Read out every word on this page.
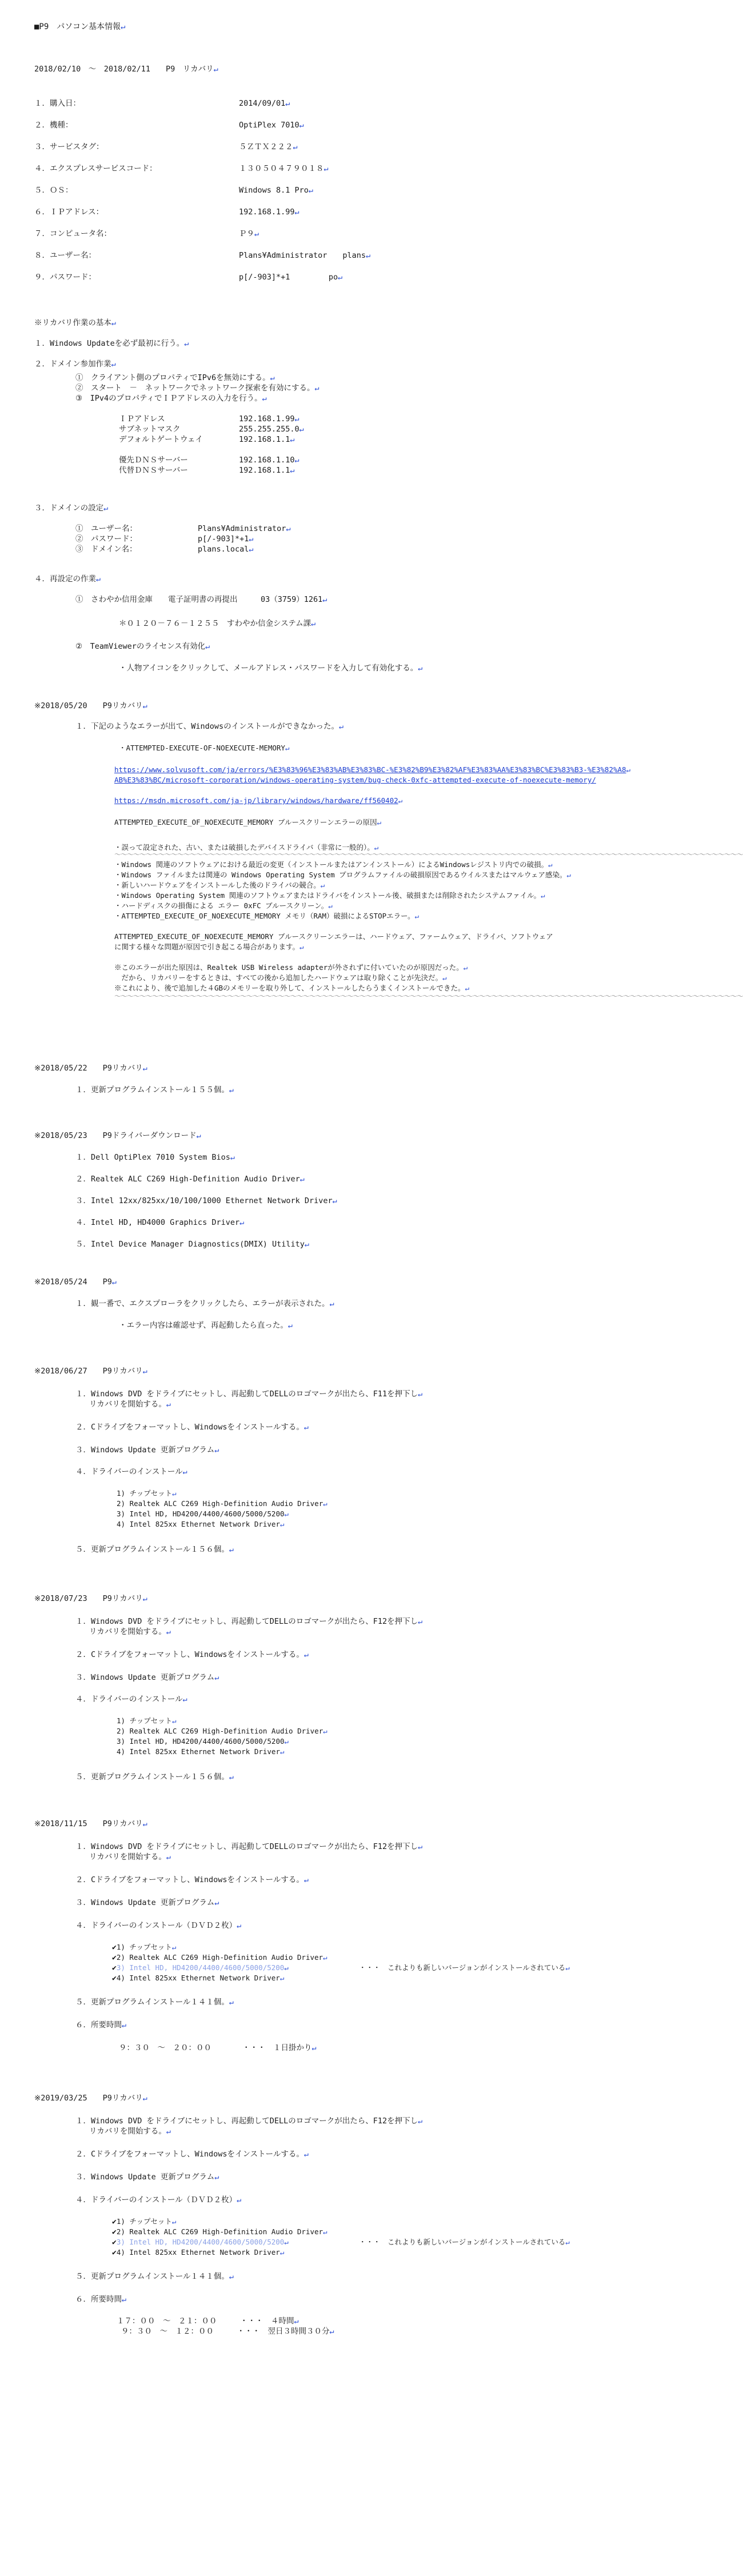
■P9　パソコン基本情報↵
2018/02/10　～　2018/02/11　　P9　リカバリ↵
１．購入日：	2014/09/01↵
２．機種：	OptiPlex 7010↵
３．サービスタグ：	５ＺＴＸ２２２↵
４．エクスプレスサービスコード：	１３０５０４７９０１８↵
５．ＯＳ：	Windows 8.1 Pro↵
６．ＩＰアドレス：	192.168.1.99↵
７．コンピュータ名：	Ｐ９↵
８．ユーザー名：	Plans¥Administrator　　plans↵
９．パスワード：	p[/-903]*+1　　　　　po↵
※リカバリ作業の基本↵
１．Windows Updateを必ず最初に行う。↵
２．ドメイン参加作業↵
①　クライアント側のプロパティでIPv6を無効にする。↵
②　スタート　－　ネットワークでネットワーク探索を有効にする。↵
③　IPv4のプロパティでＩＰアドレスの入力を行う。↵
ＩＰアドレス	192.168.1.99↵
サブネットマスク	255.255.255.0↵
デフォルトゲートウェイ	192.168.1.1↵
優先ＤＮＳサーバー	192.168.1.10↵
代替ＤＮＳサーバー	192.168.1.1↵
３．ドメインの設定↵
①　ユーザー名：	Plans¥Administrator↵
②　パスワード：	p[/-903]*+1↵
③　ドメイン名：	plans.local↵
４．再設定の作業↵
①　さわやか信用金庫　　電子証明書の再提出　　　03（3759）1261↵
＊０１２０－７６－１２５５　すわやか信金システム課↵
②　TeamViewerのライセンス有効化↵
・人物アイコンをクリックして、メールアドレス・パスワードを入力して有効化する。↵
※2018/05/20　　P9リカバリ↵
１．下記のようなエラーが出て、Windowsのインストールができなかった。↵
・ATTEMPTED-EXECUTE-OF-NOEXECUTE-MEMORY↵
https://www.solvusoft.com/ja/errors/%E3%83%96%E3%83%AB%E3%83%BC-%E3%82%B9%E3%82%AF%E3%83%AA%E3%83%BC%E3%83%B3-%E3%82%A8↵
AB%E3%83%BC/microsoft-corporation/windows-operating-system/bug-check-0xfc-attempted-execute-of-noexecute-memory/
https://msdn.microsoft.com/ja-jp/library/windows/hardware/ff560402↵
ATTEMPTED_EXECUTE_OF_NOEXECUTE_MEMORY ブルースクリーンエラーの原因↵
・誤って設定された、古い、または破損したデバイスドライバ（非常に一般的）。↵
～～～～～～～～～～～～～～～～～～～～～～～～～～～～～～～～～～～～～～～～～～～～～～～～～～～～～～～～～～～～～～～～～～～～～～～～～～～～～～～～～～～～～～～～～～～～～～～～～～～～
・Windows 関連のソフトウェアにおける最近の変更（インストールまたはアンインストール）によるWindowsレジストリ内での破損。↵
・Windows ファイルまたは関連の Windows Operating System プログラムファイルの破損原因であるウイルスまたはマルウェア感染。↵
・新しいハードウェアをインストールした後のドライバの競合。↵
・Windows Operating System 関連のソフトウェアまたはドライバをインストール後、破損または削除されたシステムファイル。↵
・ハードディスクの損傷による エラー 0xFC ブルースクリーン。↵
・ATTEMPTED_EXECUTE_OF_NOEXECUTE_MEMORY メモリ（RAM）破損によるSTOPエラー。↵
ATTEMPTED_EXECUTE_OF_NOEXECUTE_MEMORY ブルースクリーンエラーは、ハードウェア、ファームウェア、ドライバ、ソフトウェア
に関する様々な問題が原因で引き起こる場合があります。↵
※このエラーが出た原因は、Realtek USB Wireless adapterが外されずに付いていたのが原因だった。↵
　だから、リカバリーをするときは、すべての後から追加したハードウェアは取り除くことが先決だ。↵
※これにより、後で追加した４GBのメモリーを取り外して、インストールしたらうまくインストールできた。↵
～～～～～～～～～～～～～～～～～～～～～～～～～～～～～～～～～～～～～～～～～～～～～～～～～～～～～～～～～～～～～～～～～～～～～～～～～～～～～～～～～～～～～～～～～～～～～～～～～～～～
※2018/05/22　　P9リカバリ↵
１．更新プログラムインストール１５５個。↵
※2018/05/23　　P9ドライバーダウンロード↵
１．Dell OptiPlex 7010 System Bios↵
２．Realtek ALC C269 High-Definition Audio Driver↵
３．Intel 12xx/825xx/10/100/1000 Ethernet Network Driver↵
４．Intel HD, HD4000 Graphics Driver↵
５．Intel Device Manager Diagnostics(DMIX) Utility↵
※2018/05/24　　P9↵
１．観一番で、エクスプローラをクリックしたら、エラーが表示された。↵
・エラー内容は確認せず、再起動したら直った。↵
※2018/06/27　　P9リカバリ↵
１．Windows DVD をドライブにセットし、再起動してDELLのロゴマークが出たら、F11を押下し↵
リカバリを開始する。↵
２．Cドライブをフォーマットし、Windowsをインストールする。↵
３．Windows Update 更新プログラム↵
４．ドライバーのインストール↵
1) チップセット↵
2) Realtek ALC C269 High-Definition Audio Driver↵
3) Intel HD, HD4200/4400/4600/5000/5200↵
4) Intel 825xx Ethernet Network Driver↵
５．更新プログラムインストール１５６個。↵
※2018/07/23　　P9リカバリ↵
１．Windows DVD をドライブにセットし、再起動してDELLのロゴマークが出たら、F12を押下し↵
リカバリを開始する。↵
２．Cドライブをフォーマットし、Windowsをインストールする。↵
３．Windows Update 更新プログラム↵
４．ドライバーのインストール↵
1) チップセット↵
2) Realtek ALC C269 High-Definition Audio Driver↵
3) Intel HD, HD4200/4400/4600/5000/5200↵
4) Intel 825xx Ethernet Network Driver↵
５．更新プログラムインストール１５６個。↵
※2018/11/15　　P9リカバリ↵
１．Windows DVD をドライブにセットし、再起動してDELLのロゴマークが出たら、F12を押下し↵
リカバリを開始する。↵
２．Cドライブをフォーマットし、Windowsをインストールする。↵
３．Windows Update 更新プログラム↵
４．ドライバーのインストール（ＤＶＤ２枚）↵
✔1) チップセット↵
✔2) Realtek ALC C269 High-Definition Audio Driver↵
✔3) Intel HD, HD4200/4400/4600/5000/5200↵
✔4) Intel 825xx Ethernet Network Driver↵
・・・　これよりも新しいバージョンがインストールされている↵
５．更新プログラムインストール１４１個。↵
６．所要時間↵
９：３０　～　２０：００　　　　・・・　１日掛かり↵
※2019/03/25　　P9リカバリ↵
１．Windows DVD をドライブにセットし、再起動してDELLのロゴマークが出たら、F12を押下し↵
リカバリを開始する。↵
２．Cドライブをフォーマットし、Windowsをインストールする。↵
３．Windows Update 更新プログラム↵
４．ドライバーのインストール（ＤＶＤ２枚）↵
✔1) チップセット↵
✔2) Realtek ALC C269 High-Definition Audio Driver↵
✔3) Intel HD, HD4200/4400/4600/5000/5200↵
✔4) Intel 825xx Ethernet Network Driver↵
・・・　これよりも新しいバージョンがインストールされている↵
５．更新プログラムインストール１４１個。↵
６．所要時間↵
１７：００　～　２１：００　　　・・・　４時間↵
９：３０　～　１２：００　　　・・・　翌日３時間３０分↵
